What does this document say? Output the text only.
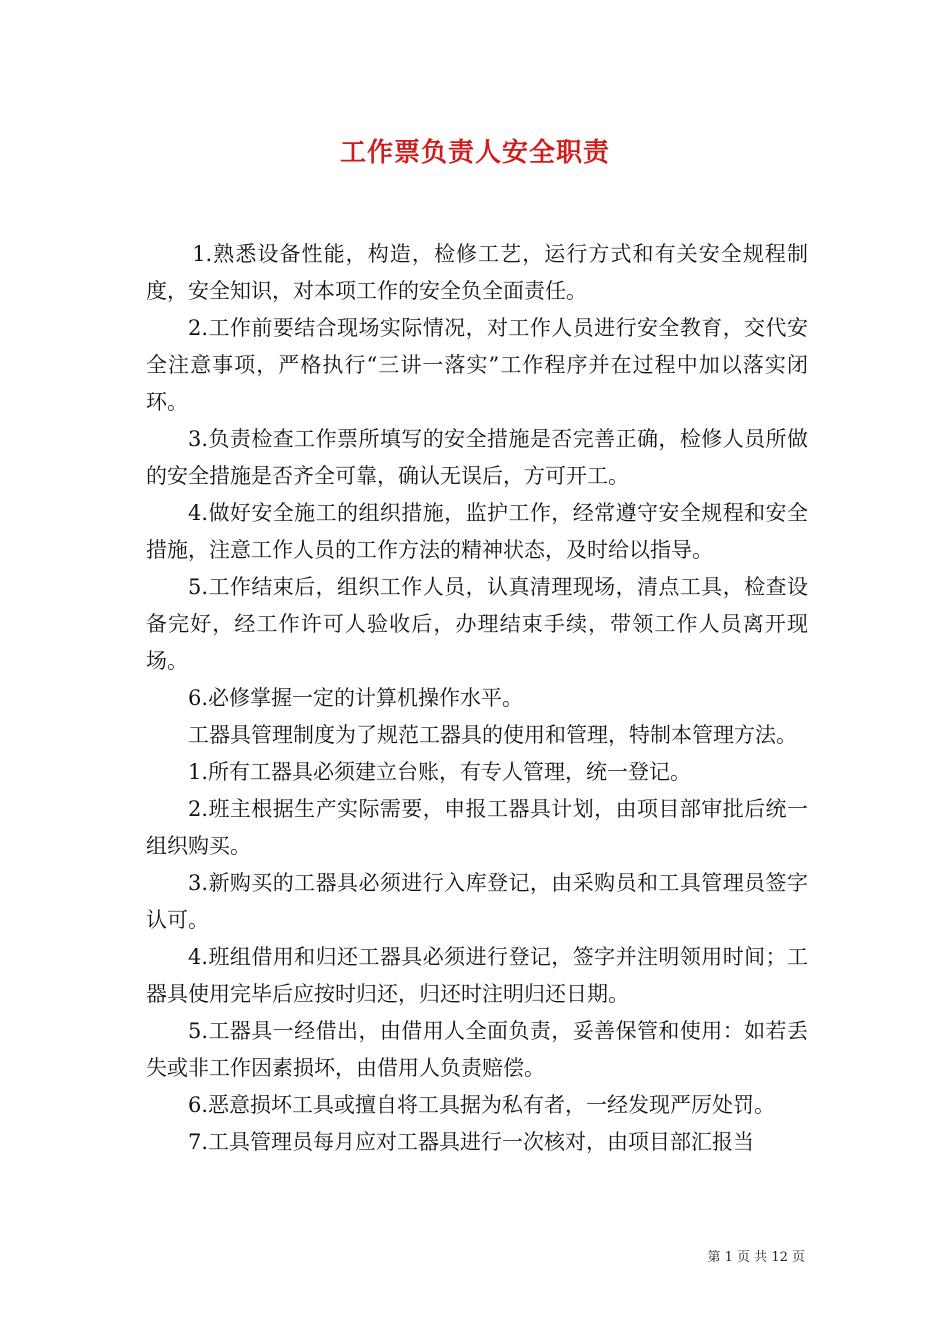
工作票负责人安全职责

1.熟悉设备性能，构造，检修工艺，运行方式和有关安全规程制度，安全知识，对本项工作的安全负全面责任。

2.工作前要结合现场实际情况，对工作人员进行安全教育，交代安全注意事项，严格执行“三讲一落实”工作程序并在过程中加以落实闭环。

3.负责检查工作票所填写的安全措施是否完善正确，检修人员所做的安全措施是否齐全可靠，确认无误后，方可开工。

4.做好安全施工的组织措施，监护工作，经常遵守安全规程和安全措施，注意工作人员的工作方法的精神状态，及时给以指导。

5.工作结束后，组织工作人员，认真清理现场，清点工具，检查设备完好，经工作许可人验收后，办理结束手续，带领工作人员离开现场。

6.必修掌握一定的计算机操作水平。

工器具管理制度为了规范工器具的使用和管理，特制本管理方法。

1.所有工器具必须建立台账，有专人管理，统一登记。

2.班主根据生产实际需要，申报工器具计划，由项目部审批后统一组织购买。

3.新购买的工器具必须进行入库登记，由采购员和工具管理员签字认可。

4.班组借用和归还工器具必须进行登记，签字并注明领用时间；工器具使用完毕后应按时归还，归还时注明归还日期。

5.工器具一经借出，由借用人全面负责，妥善保管和使用：如若丢失或非工作因素损坏，由借用人负责赔偿。

6.恶意损坏工具或擅自将工具据为私有者，一经发现严厉处罚。

7.工具管理员每月应对工器具进行一次核对，由项目部汇报当

第 1 页 共 12 页
